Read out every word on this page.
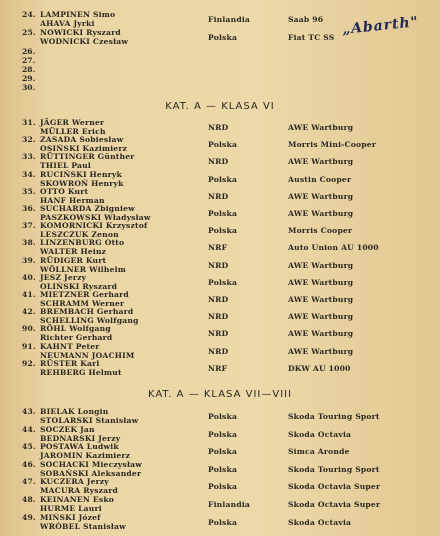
24. LAMPINEN Simo
AHAVA Jyrki	Finlandia	Saab 96
25. NOWICKI Ryszard
WODNICKI Czesław	Polska	Fiat TC SS „Abarth"
26.
27.
28.
29.
30.
KAT. A — KLASA VI
31. JÄGER Werner
MÜLLER Erich	NRD	AWE Wartburg
32. ZASADA Sobiesław
OSIŃSKI Kazimierz	Polska	Morris Mini-Cooper
33. RÜTTINGER Günther
THIEL Paul	NRD	AWE Wartburg
34. RUCIŃSKI Henryk
SKOWROŃ Henryk	Polska	Austin Cooper
35. OTTO Kurt
HANF Herman	NRD	AWE Wartburg
36. SUCHARDA Zbigniew
PASZKOWSKI Władysław	Polska	AWE Wartburg
37. KOMORNICKI Krzysztof
LESZCZUK Zenon	Polska	Morris Cooper
38. LINZENBURG Otto
WALTER Heinz	NRF	Auto Union AU 1000
39. RÜDIGER Kurt
WÖLLNER Wilhelm	NRD	AWE Wartburg
40. JESZ Jerzy
OLIŃSKI Ryszard	Polska	AWE Wartburg
41. MIETZNER Gerhard
SCHRAMM Werner	NRD	AWE Wartburg
42. BREMBACH Gerhard
SCHELLING Wolfgang	NRD	AWE Wartburg
90. RÖHL Wolfgang
Richter Gerhard	NRD	AWE Wartburg
91. KAHNT Peter
NEUMANN JOACHIM	NRD	AWE Wartburg
92. RÜSTER Karl
REHBERG Helmut	NRF	DKW AU 1000
KAT. A — KLASA VII—VIII
43. BIELAK Longin
STOLARSKI Stanisław	Polska	Skoda Touring Sport
44. SOCZEK Jan
BEDNARSKI Jerzy	Polska	Skoda Octavia
45. POSTAWA Ludwik
JAROMIN Kazimierz	Polska	Simca Aronde
46. SOCHACKI Mieczysław
SOBAŃSKI Aleksander	Polska	Skoda Touring Sport
47. KUCZERA Jerzy
MACURA Ryszard	Polska	Skoda Octavia Super
48. KEINANEN Esko
HURME Lauri	Finlandia	Skoda Octavia Super
49. MIŃSKI Józef
WRÓBEL Stanisław	Polska	Skoda Octavia
